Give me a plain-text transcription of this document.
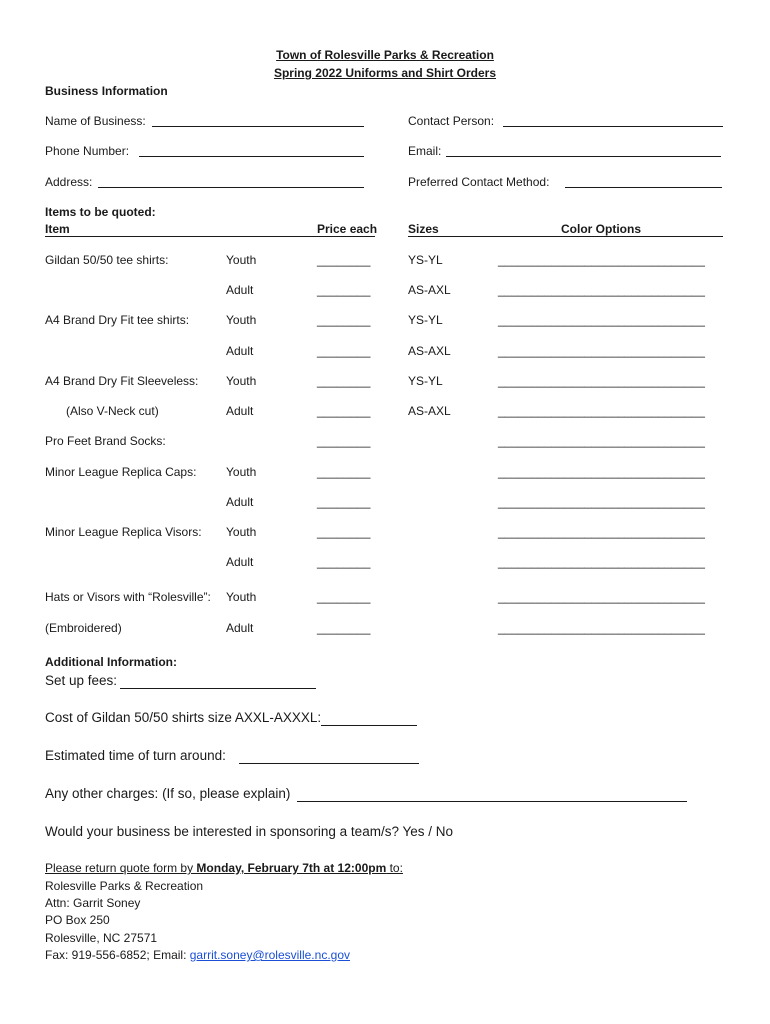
Town of Rolesville Parks & Recreation
Spring 2022 Uniforms and Shirt Orders
Business Information
Name of Business:	Contact Person:
Phone Number:	Email:
Address:	Preferred Contact Method:
Items to be quoted:
Item	Price each	Sizes	Color Options
Gildan 50/50 tee shirts:	Youth	________	YS-YL	_______________________________
Adult	________	AS-AXL	_______________________________
A4 Brand Dry Fit tee shirts:	Youth	________	YS-YL	_______________________________
Adult	________	AS-AXL	_______________________________
A4 Brand Dry Fit Sleeveless: Youth	________	YS-YL	_______________________________
(Also V-Neck cut)	Adult	________	AS-AXL	_______________________________
Pro Feet Brand Socks:	________	_______________________________
Minor League Replica Caps: Youth	________	_______________________________
Adult	________	_______________________________
Minor League Replica Visors: Youth	________	_______________________________
Adult	________	_______________________________
Hats or Visors with “Rolesville”: Youth	________	_______________________________
(Embroidered)	Adult	________	_______________________________
Additional Information:
Set up fees:
Cost of Gildan 50/50 shirts size AXXL-AXXXL:
Estimated time of turn around:
Any other charges: (If so, please explain)
Would your business be interested in sponsoring a team/s? Yes / No
Please return quote form by Monday, February 7th at 12:00pm to:
Rolesville Parks & Recreation
Attn: Garrit Soney
PO Box 250
Rolesville, NC 27571
Fax: 919-556-6852; Email: garrit.soney@rolesville.nc.gov
